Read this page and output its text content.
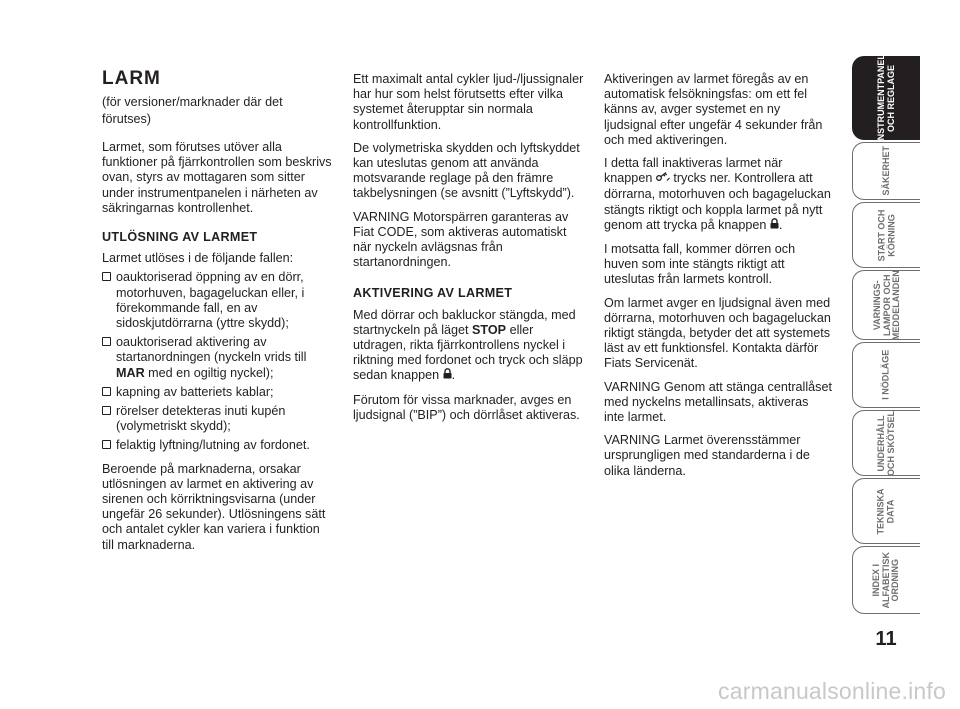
LARM
(för versioner/marknader där det förutses)

Larmet, som förutses utöver alla funktioner på fjärrkontrollen som beskrivs ovan, styrs av mottagaren som sitter under instrumentpanelen i närheten av säkringarnas kontrollenhet.

UTLÖSNING AV LARMET

Larmet utlöses i de följande fallen:

oauktoriserad öppning av en dörr, motorhuven, bagageluckan eller, i förekommande fall, en av sidoskjutdörrarna (yttre skydd);
oauktoriserad aktivering av startanordningen (nyckeln vrids till MAR med en ogiltig nyckel);
kapning av batteriets kablar;
rörelser detekteras inuti kupén (volymetriskt skydd);
felaktig lyftning/lutning av fordonet.

Beroende på marknaderna, orsakar utlösningen av larmet en aktivering av sirenen och körriktningsvisarna (under ungefär 26 sekunder). Utlösningens sätt och antalet cykler kan variera i funktion till marknaderna.

Ett maximalt antal cykler ljud-/ljussignaler har hur som helst förutsetts efter vilka systemet återupptar sin normala kontrollfunktion.

De volymetriska skydden och lyftskyddet kan uteslutas genom att använda motsvarande reglage på den främre takbelysningen (se avsnitt (”Lyftskydd”).

VARNING Motorspärren garanteras av Fiat CODE, som aktiveras automatiskt när nyckeln avlägsnas från startanordningen.

AKTIVERING AV LARMET

Med dörrar och bakluckor stängda, med startnyckeln på läget STOP eller utdragen, rikta fjärrkontrollens nyckel i riktning med fordonet och tryck och släpp sedan knappen .

Förutom för vissa marknader, avges en ljudsignal (”BIP”) och dörrlåset aktiveras.

Aktiveringen av larmet föregås av en automatisk felsökningsfas: om ett fel känns av, avger systemet en ny ljudsignal efter ungefär 4 sekunder från och med aktiveringen.

I detta fall inaktiveras larmet när knappen  trycks ner. Kontrollera att dörrarna, motorhuven och bagageluckan stängts riktigt och koppla larmet på nytt genom att trycka på knappen .

I motsatta fall, kommer dörren och huven som inte stängts riktigt att uteslutas från larmets kontroll.

Om larmet avger en ljudsignal även med dörrarna, motorhuven och bagageluckan riktigt stängda, betyder det att systemets läst av ett funktionsfel. Kontakta därför Fiats Servicenät.

VARNING Genom att stänga centrallåset med nyckelns metallinsats, aktiveras inte larmet.

VARNING Larmet överensstämmer ursprungligen med standarderna i de olika länderna.

INSTRUMENTPANEL
OCH REGLAGE
SÄKERHET
START OCH
KÖRNING
VARNINGS-
LAMPOR OCH
MEDDELANDEN
I NÖDLÄGE
UNDERHÅLL
OCH SKÖTSEL
TEKNISKA
DATA
INDEX I
ALFABETISK
ORDNING
11
carmanualsonline.info
